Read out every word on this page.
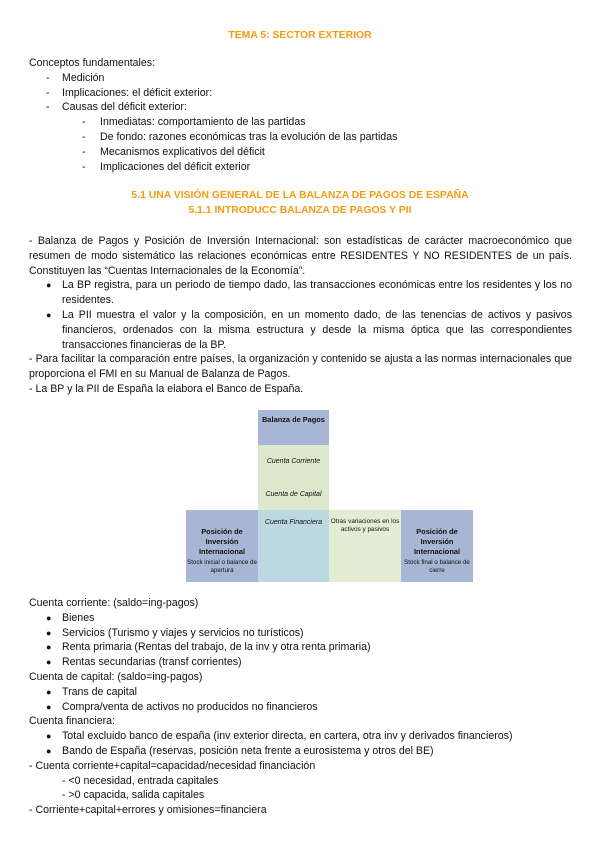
TEMA 5: SECTOR EXTERIOR
Conceptos fundamentales:
- Medición
- Implicaciones: el déficit exterior:
- Causas del déficit exterior:
- Inmediatas: comportamiento de las partidas
- De fondo: razones económicas tras la evolución de las partidas
- Mecanismos explicativos del déficit
- Implicaciones del déficit exterior
5.1 UNA VISIÓN GENERAL DE LA BALANZA DE PAGOS DE ESPAÑA
5.1.1 INTRODUCC BALANZA DE PAGOS Y PII
- Balanza de Pagos y Posición de Inversión Internacional: son estadísticas de carácter macroeconómico que resumen de modo sistemático las relaciones económicas entre RESIDENTES Y NO RESIDENTES de un país. Constituyen las “Cuentas Internacionales de la Economía”.
● La BP registra, para un periodo de tiempo dado, las transacciones económicas entre los residentes y los no residentes.
● La PII muestra el valor y la composición, en un momento dado, de las tenencias de activos y pasivos financieros, ordenados con la misma estructura y desde la misma óptica que las correspondientes transacciones financieras de la BP.
- Para facilitar la comparación entre países, la organización y contenido se ajusta a las normas internacionales que proporciona el FMI en su Manual de Balanza de Pagos.
- La BP y la PII de España la elabora el Banco de España.
Balanza de Pagos
Cuenta Corriente
Cuenta de Capital
Cuenta Financiera	Otras variaciones en los activos y pasivos
Posición de Inversión Internacional
Stock inicial o balance de apertura
Posición de Inversión Internacional
Stock final o balance de cierre
Cuenta corriente: (saldo=ing-pagos)
● Bienes
● Servicios (Turismo y viajes y servicios no turísticos)
● Renta primaria (Rentas del trabajo, de la inv y otra renta primaria)
● Rentas secundarias (transf corrientes)
Cuenta de capital: (saldo=ing-pagos)
● Trans de capital
● Compra/venta de activos no producidos no financieros
Cuenta financiera:
● Total excluido banco de españa (inv exterior directa, en cartera, otra inv y derivados financieros)
● Bando de España (reservas, posición neta frente a eurosistema y otros del BE)
- Cuenta corriente+capital=capacidad/necesidad financiación
- <0 necesidad, entrada capitales
- >0 capacida, salida capitales
- Corriente+capital+errores y omisiones=financiera
